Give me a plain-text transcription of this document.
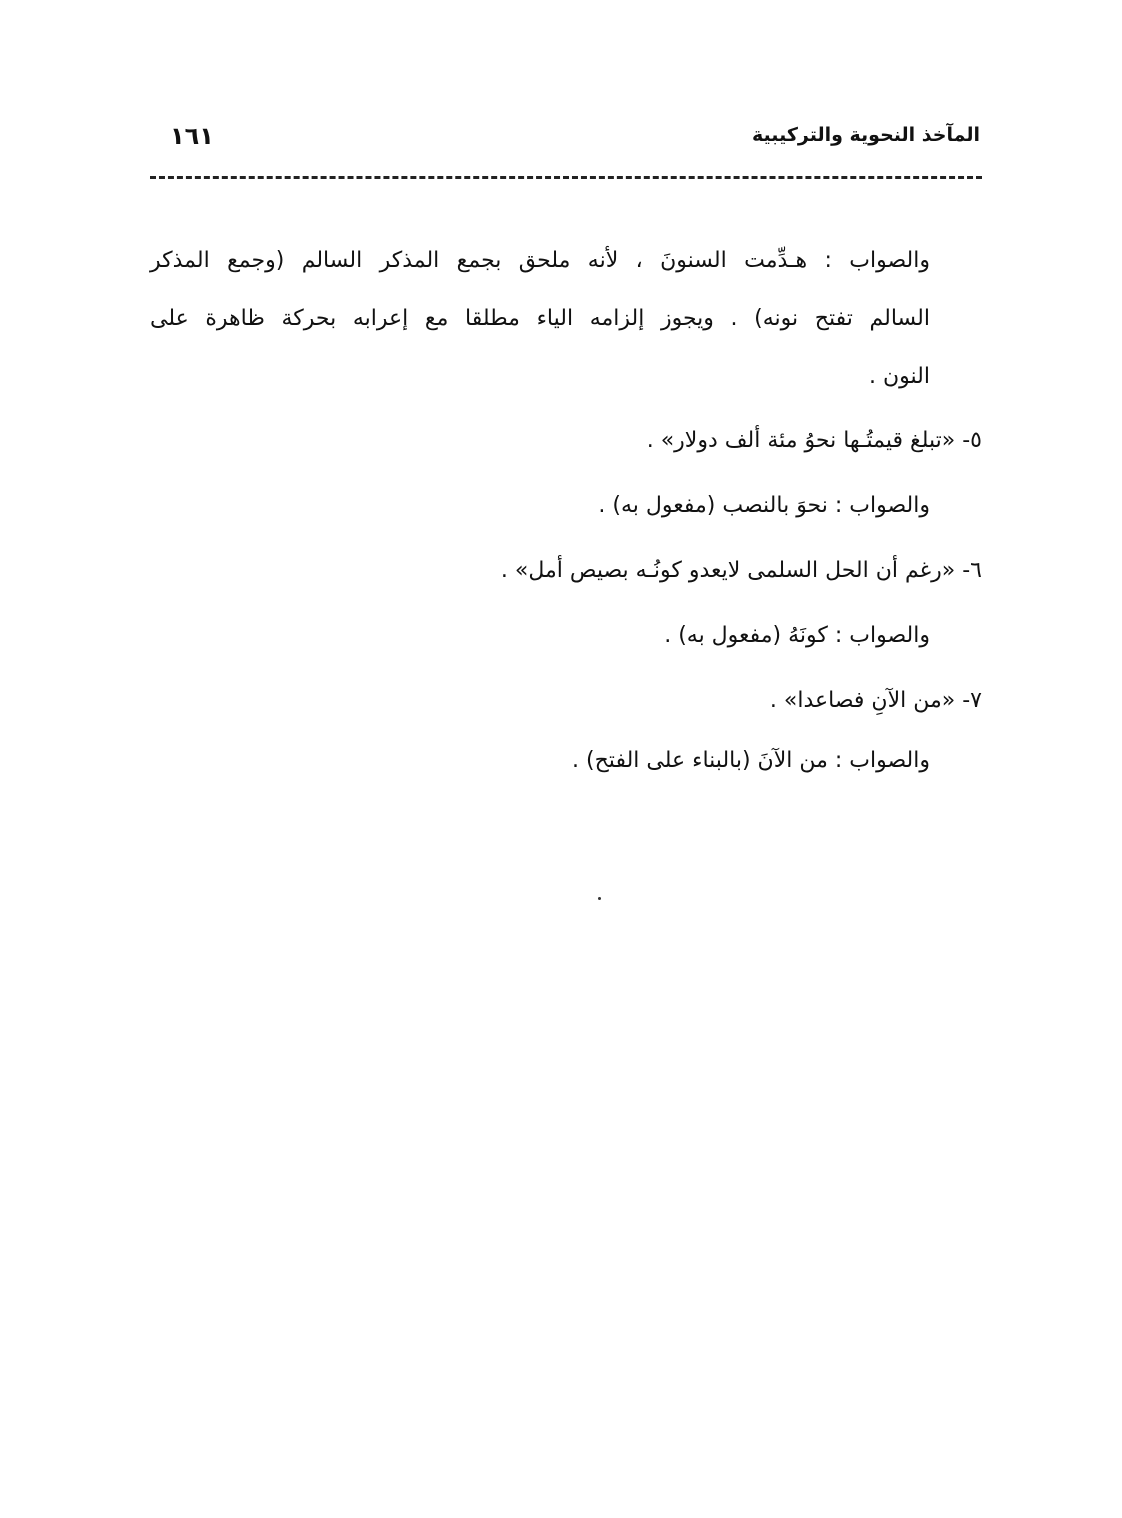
المآخذ النحوية والتركيبية
١٦١
والصواب : هـدِّمت السنونَ ، لأنه ملحق بجمع المذكر السالم (وجمع المذكر
السالم تفتح نونه) . ويجوز إلزامه الياء مطلقا مع إعرابه بحركة ظاهرة على
النون .
٥- «تبلغ قيمتُـها نحوُ مئة ألف دولار» .
والصواب : نحوَ بالنصب (مفعول به) .
٦- «رغم أن الحل السلمى لايعدو كونُـه بصيص أمل» .
والصواب : كونَهُ (مفعول به) .
٧- «من الآنِ فصاعدا» .
والصواب : من الآنَ (بالبناء على الفتح) .
